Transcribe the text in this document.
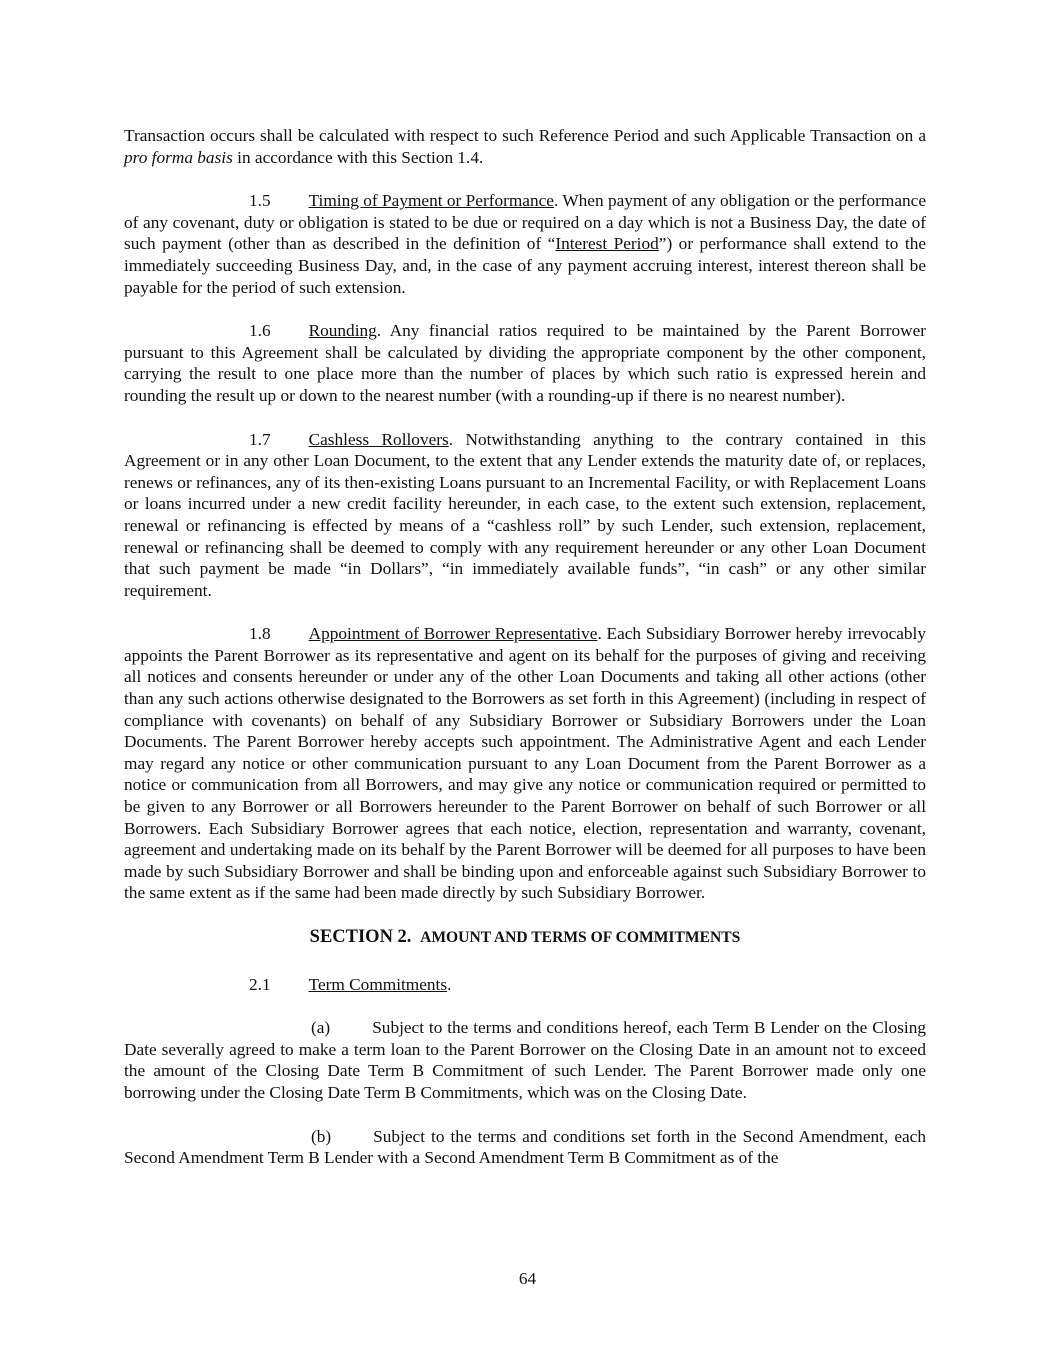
Transaction occurs shall be calculated with respect to such Reference Period and such Applicable Transaction on a pro forma basis in accordance with this Section 1.4.

1.5 Timing of Payment or Performance. When payment of any obligation or the performance of any covenant, duty or obligation is stated to be due or required on a day which is not a Business Day, the date of such payment (other than as described in the definition of “Interest Period”) or performance shall extend to the immediately succeeding Business Day, and, in the case of any payment accruing interest, interest thereon shall be payable for the period of such extension.

1.6 Rounding. Any financial ratios required to be maintained by the Parent Borrower pursuant to this Agreement shall be calculated by dividing the appropriate component by the other component, carrying the result to one place more than the number of places by which such ratio is expressed herein and rounding the result up or down to the nearest number (with a rounding-up if there is no nearest number).

1.7 Cashless Rollovers. Notwithstanding anything to the contrary contained in this Agreement or in any other Loan Document, to the extent that any Lender extends the maturity date of, or replaces, renews or refinances, any of its then-existing Loans pursuant to an Incremental Facility, or with Replacement Loans or loans incurred under a new credit facility hereunder, in each case, to the extent such extension, replacement, renewal or refinancing is effected by means of a “cashless roll” by such Lender, such extension, replacement, renewal or refinancing shall be deemed to comply with any requirement hereunder or any other Loan Document that such payment be made “in Dollars”, “in immediately available funds”, “in cash” or any other similar requirement.

1.8 Appointment of Borrower Representative. Each Subsidiary Borrower hereby irrevocably appoints the Parent Borrower as its representative and agent on its behalf for the purposes of giving and receiving all notices and consents hereunder or under any of the other Loan Documents and taking all other actions (other than any such actions otherwise designated to the Borrowers as set forth in this Agreement) (including in respect of compliance with covenants) on behalf of any Subsidiary Borrower or Subsidiary Borrowers under the Loan Documents. The Parent Borrower hereby accepts such appointment. The Administrative Agent and each Lender may regard any notice or other communication pursuant to any Loan Document from the Parent Borrower as a notice or communication from all Borrowers, and may give any notice or communication required or permitted to be given to any Borrower or all Borrowers hereunder to the Parent Borrower on behalf of such Borrower or all Borrowers. Each Subsidiary Borrower agrees that each notice, election, representation and warranty, covenant, agreement and undertaking made on its behalf by the Parent Borrower will be deemed for all purposes to have been made by such Subsidiary Borrower and shall be binding upon and enforceable against such Subsidiary Borrower to the same extent as if the same had been made directly by such Subsidiary Borrower.

SECTION 2. AMOUNT AND TERMS OF COMMITMENTS

2.1 Term Commitments.

(a) Subject to the terms and conditions hereof, each Term B Lender on the Closing Date severally agreed to make a term loan to the Parent Borrower on the Closing Date in an amount not to exceed the amount of the Closing Date Term B Commitment of such Lender. The Parent Borrower made only one borrowing under the Closing Date Term B Commitments, which was on the Closing Date.

(b) Subject to the terms and conditions set forth in the Second Amendment, each Second Amendment Term B Lender with a Second Amendment Term B Commitment as of the

64
